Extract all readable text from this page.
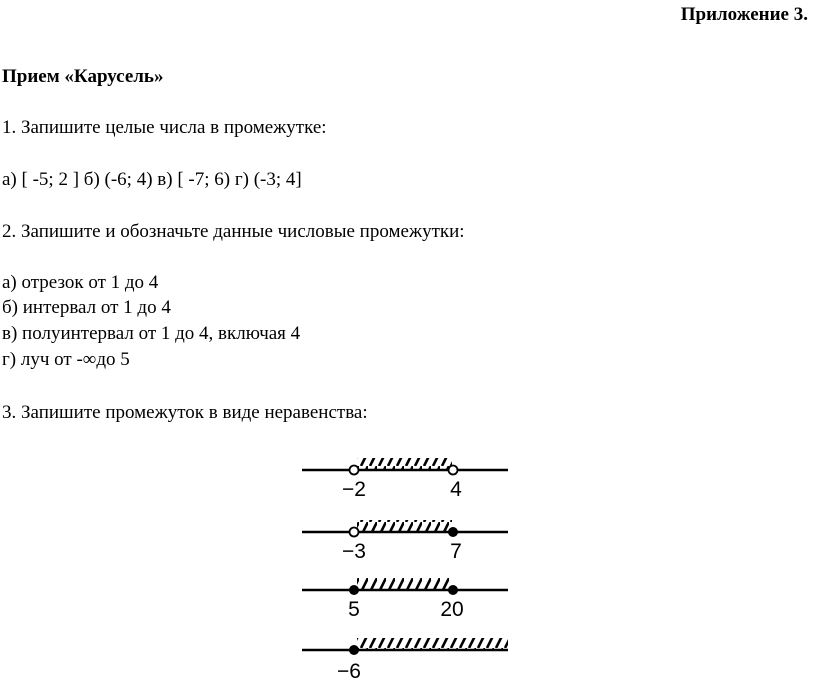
Приложение 3.
Прием «Карусель»
1. Запишите целые числа в промежутке:
а) [ -5; 2 ] б) (-6; 4) в) [ -7; 6) г) (-3; 4]
2. Запишите и обозначьте данные числовые промежутки:
а) отрезок от 1 до 4
б) интервал от 1 до 4
в) полуинтервал от 1 до 4, включая 4
г) луч от -∞до 5
3. Запишите промежуток в виде неравенства:
−2	4
−3	7
5	20
−6
